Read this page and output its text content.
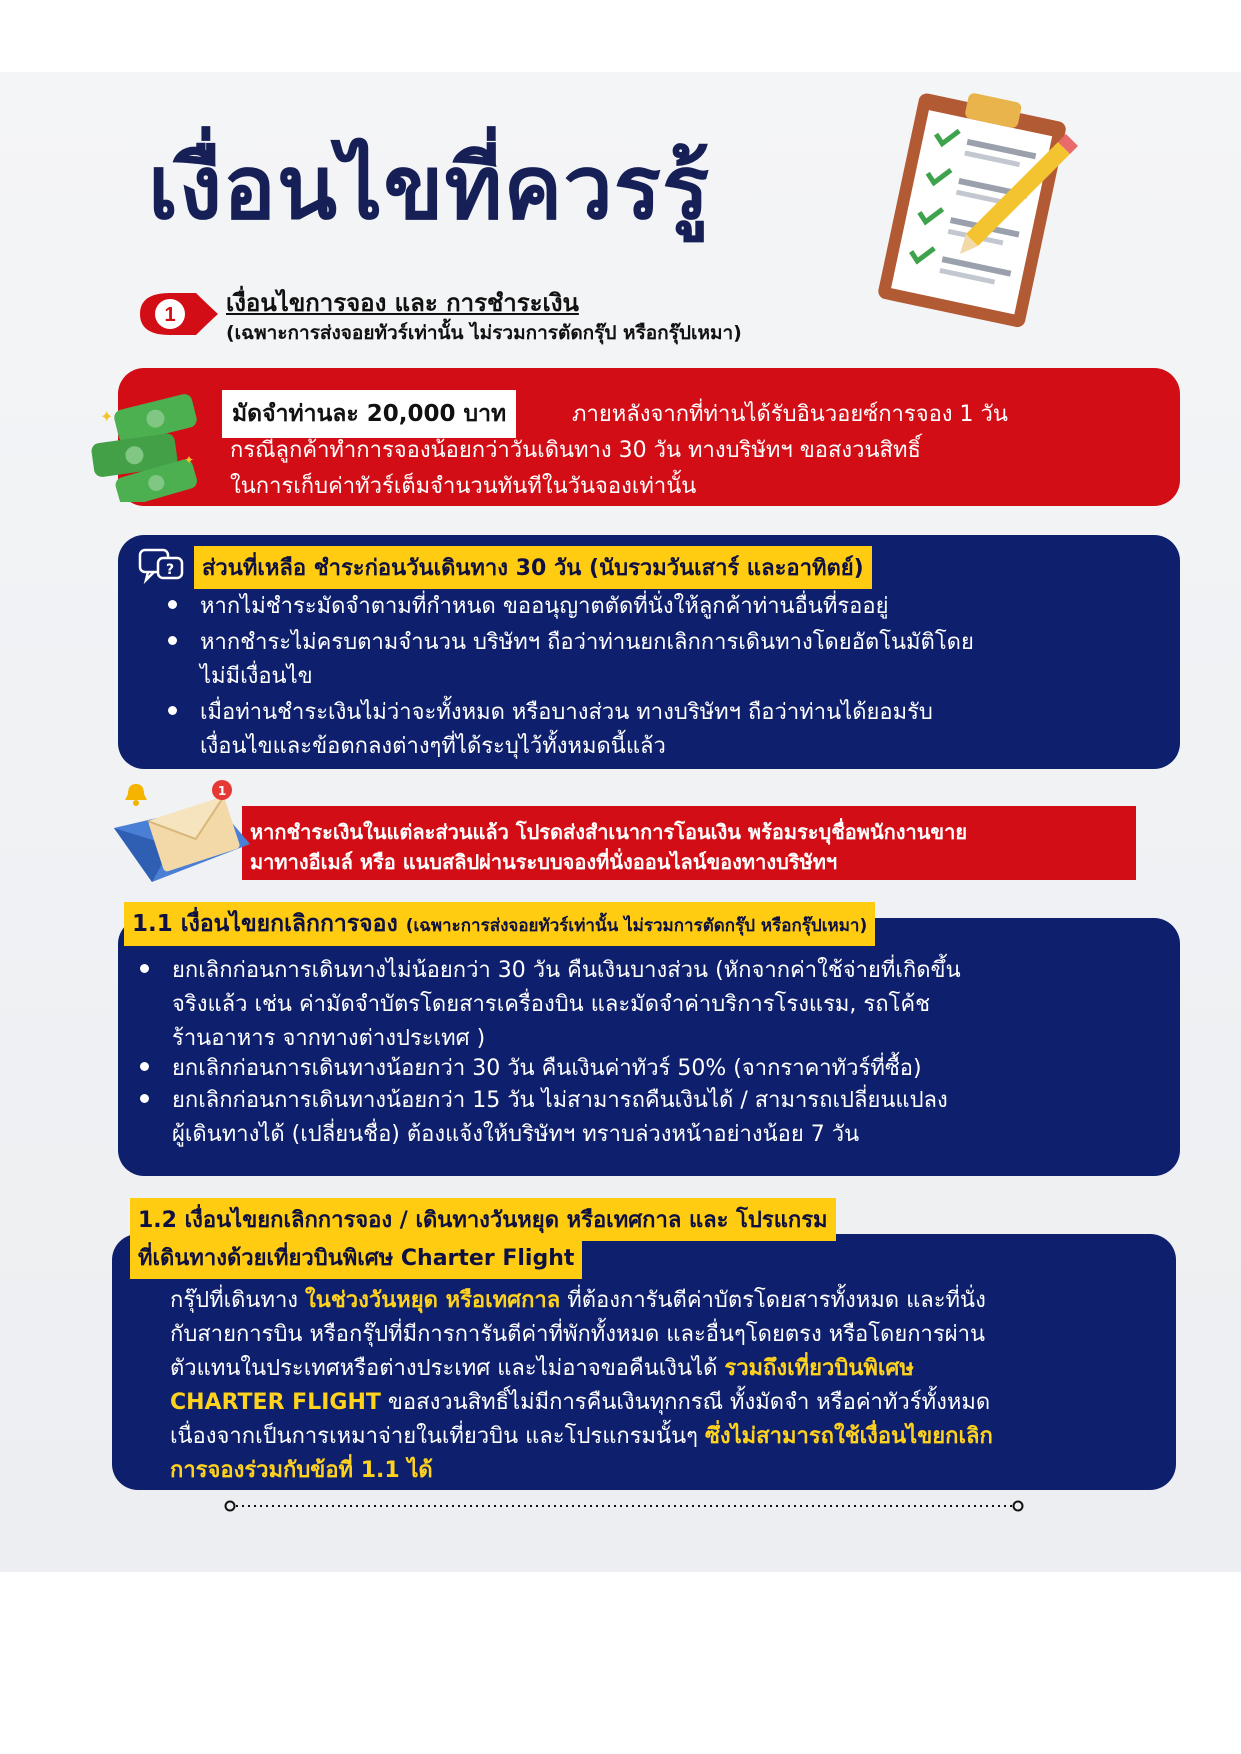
เงื่อนไขที่ควรรู้
1 เงื่อนไขการจอง และ การชำระเงิน
(เฉพาะการส่งจอยทัวร์เท่านั้น ไม่รวมการตัดกรุ๊ป หรือกรุ๊ปเหมา)
✦
✦
มัดจำท่านละ 20,000 บาท	ภายหลังจากที่ท่านได้รับอินวอยซ์การจอง 1 วัน
กรณีลูกค้าทำการจองน้อยกว่าวันเดินทาง 30 วัน ทางบริษัทฯ ขอสงวนสิทธิ์
ในการเก็บค่าทัวร์เต็มจำนวนทันทีในวันจองเท่านั้น
?	ส่วนที่เหลือ ชำระก่อนวันเดินทาง 30 วัน (นับรวมวันเสาร์ และอาทิตย์)
หากไม่ชำระมัดจำตามที่กำหนด ขออนุญาตตัดที่นั่งให้ลูกค้าท่านอื่นที่รออยู่
หากชำระไม่ครบตามจำนวน บริษัทฯ ถือว่าท่านยกเลิกการเดินทางโดยอัตโนมัติโดย
ไม่มีเงื่อนไข
เมื่อท่านชำระเงินไม่ว่าจะทั้งหมด หรือบางส่วน ทางบริษัทฯ ถือว่าท่านได้ยอมรับ
เงื่อนไขและข้อตกลงต่างๆที่ได้ระบุไว้ทั้งหมดนี้แล้ว
1
หากชำระเงินในแต่ละส่วนแล้ว โปรดส่งสำเนาการโอนเงิน พร้อมระบุชื่อพนักงานขาย
มาทางอีเมล์ หรือ แนบสลิปผ่านระบบจองที่นั่งออนไลน์ของทางบริษัทฯ
1.1 เงื่อนไขยกเลิกการจอง (เฉพาะการส่งจอยทัวร์เท่านั้น ไม่รวมการตัดกรุ๊ป หรือกรุ๊ปเหมา)
ยกเลิกก่อนการเดินทางไม่น้อยกว่า 30 วัน คืนเงินบางส่วน (หักจากค่าใช้จ่ายที่เกิดขึ้น
จริงแล้ว เช่น ค่ามัดจำบัตรโดยสารเครื่องบิน และมัดจำค่าบริการโรงแรม, รถโค้ช
ร้านอาหาร จากทางต่างประเทศ )
ยกเลิกก่อนการเดินทางน้อยกว่า 30 วัน คืนเงินค่าทัวร์ 50% (จากราคาทัวร์ที่ซื้อ)
ยกเลิกก่อนการเดินทางน้อยกว่า 15 วัน ไม่สามารถคืนเงินได้ / สามารถเปลี่ยนแปลง
ผู้เดินทางได้ (เปลี่ยนชื่อ) ต้องแจ้งให้บริษัทฯ ทราบล่วงหน้าอย่างน้อย 7 วัน
1.2 เงื่อนไขยกเลิกการจอง / เดินทางวันหยุด หรือเทศกาล และ โปรแกรม
ที่เดินทางด้วยเที่ยวบินพิเศษ Charter Flight
กรุ๊ปที่เดินทาง ในช่วงวันหยุด หรือเทศกาล ที่ต้องการันตีค่าบัตรโดยสารทั้งหมด และที่นั่ง
กับสายการบิน หรือกรุ๊ปที่มีการการันตีค่าที่พักทั้งหมด และอื่นๆโดยตรง หรือโดยการผ่าน
ตัวแทนในประเทศหรือต่างประเทศ และไม่อาจขอคืนเงินได้ รวมถึงเที่ยวบินพิเศษ
CHARTER FLIGHT ขอสงวนสิทธิ์ไม่มีการคืนเงินทุกกรณี ทั้งมัดจำ หรือค่าทัวร์ทั้งหมด
เนื่องจากเป็นการเหมาจ่ายในเที่ยวบิน และโปรแกรมนั้นๆ ซึ่งไม่สามารถใช้เงื่อนไขยกเลิก
การจองร่วมกับข้อที่ 1.1 ได้
